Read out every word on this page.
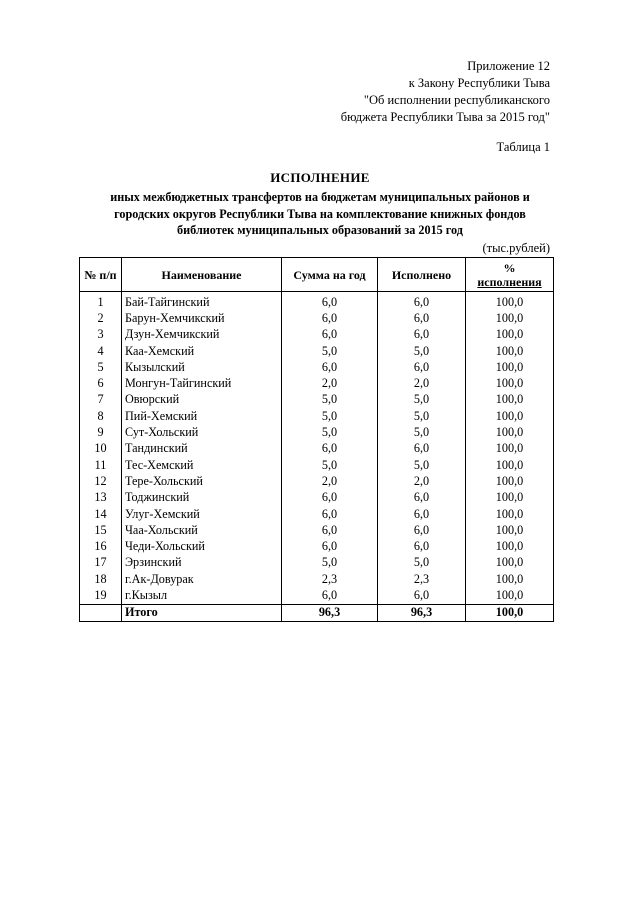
Приложение 12
к Закону Республики Тыва
"Об исполнении республиканского
бюджета Республики Тыва за 2015 год"
Таблица 1
ИСПОЛНЕНИЕ
иных межбюджетных трансфертов на бюджетам муниципальных районов и
городских округов Республики Тыва на комплектование книжных фондов
библиотек муниципальных образований за 2015 год
(тыс.рублей)
№ п/п	Наименование	Сумма на год	Исполнено	%
исполнения

1	Бай-Тайгинский	6,0	6,0	100,0
2	Барун-Хемчикский	6,0	6,0	100,0
3	Дзун-Хемчикский	6,0	6,0	100,0
4	Каа-Хемский	5,0	5,0	100,0
5	Кызылский	6,0	6,0	100,0
6	Монгун-Тайгинский	2,0	2,0	100,0
7	Овюрский	5,0	5,0	100,0
8	Пий-Хемский	5,0	5,0	100,0
9	Сут-Хольский	5,0	5,0	100,0
10	Тандинский	6,0	6,0	100,0
11	Тес-Хемский	5,0	5,0	100,0
12	Тере-Хольский	2,0	2,0	100,0
13	Тоджинский	6,0	6,0	100,0
14	Улуг-Хемский	6,0	6,0	100,0
15	Чаа-Хольский	6,0	6,0	100,0
16	Чеди-Хольский	6,0	6,0	100,0
17	Эрзинский	5,0	5,0	100,0
18	г.Ак-Довурак	2,3	2,3	100,0
19	г.Кызыл	6,0	6,0	100,0
	Итого	96,3	96,3	100,0
